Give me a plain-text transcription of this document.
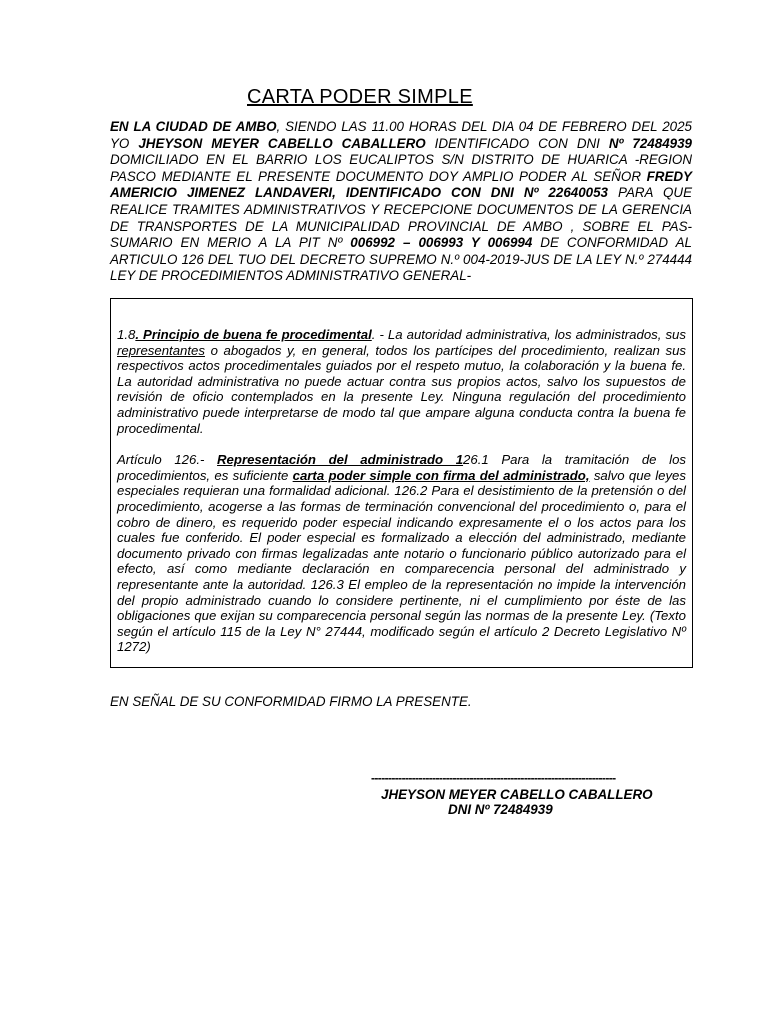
CARTA PODER SIMPLE
EN LA CIUDAD DE AMBO, SIENDO LAS 11.00 HORAS DEL DIA 04 DE FEBRERO DEL 2025 YO JHEYSON MEYER CABELLO CABALLERO IDENTIFICADO CON DNI Nº 72484939 DOMICILIADO EN EL BARRIO LOS EUCALIPTOS S/N DISTRITO DE HUARICA -REGION PASCO MEDIANTE EL PRESENTE DOCUMENTO DOY AMPLIO PODER AL SEÑOR FREDY AMERICIO JIMENEZ LANDAVERI, IDENTIFICADO CON DNI Nº 22640053 PARA QUE REALICE TRAMITES ADMINISTRATIVOS Y RECEPCIONE DOCUMENTOS DE LA GERENCIA DE TRANSPORTES DE LA MUNICIPALIDAD PROVINCIAL DE AMBO , SOBRE EL PAS-SUMARIO EN MERIO A LA PIT Nº 006992 – 006993 Y 006994 DE CONFORMIDAD AL ARTICULO 126 DEL TUO DEL DECRETO SUPREMO N.º 004-2019-JUS DE LA LEY N.º 274444 LEY DE PROCEDIMIENTOS ADMINISTRATIVO GENERAL-

1.8. Principio de buena fe procedimental. - La autoridad administrativa, los administrados, sus representantes o abogados y, en general, todos los partícipes del procedimiento, realizan sus respectivos actos procedimentales guiados por el respeto mutuo, la colaboración y la buena fe. La autoridad administrativa no puede actuar contra sus propios actos, salvo los supuestos de revisión de oficio contemplados en la presente Ley. Ninguna regulación del procedimiento administrativo puede interpretarse de modo tal que ampare alguna conducta contra la buena fe procedimental.

Artículo 126.- Representación del administrado 126.1 Para la tramitación de los procedimientos, es suficiente carta poder simple con firma del administrado, salvo que leyes especiales requieran una formalidad adicional. 126.2 Para el desistimiento de la pretensión o del procedimiento, acogerse a las formas de terminación convencional del procedimiento o, para el cobro de dinero, es requerido poder especial indicando expresamente el o los actos para los cuales fue conferido. El poder especial es formalizado a elección del administrado, mediante documento privado con firmas legalizadas ante notario o funcionario público autorizado para el efecto, así como mediante declaración en comparecencia personal del administrado y representante ante la autoridad. 126.3 El empleo de la representación no impide la intervención del propio administrado cuando lo considere pertinente, ni el cumplimiento por éste de las obligaciones que exijan su comparecencia personal según las normas de la presente Ley. (Texto según el artículo 115 de la Ley N° 27444, modificado según el artículo 2 Decreto Legislativo Nº 1272)

EN SEÑAL DE SU CONFORMIDAD FIRMO LA PRESENTE.
------------------------------------------------------------------------
JHEYSON MEYER CABELLO CABALLERO
DNI Nº 72484939
